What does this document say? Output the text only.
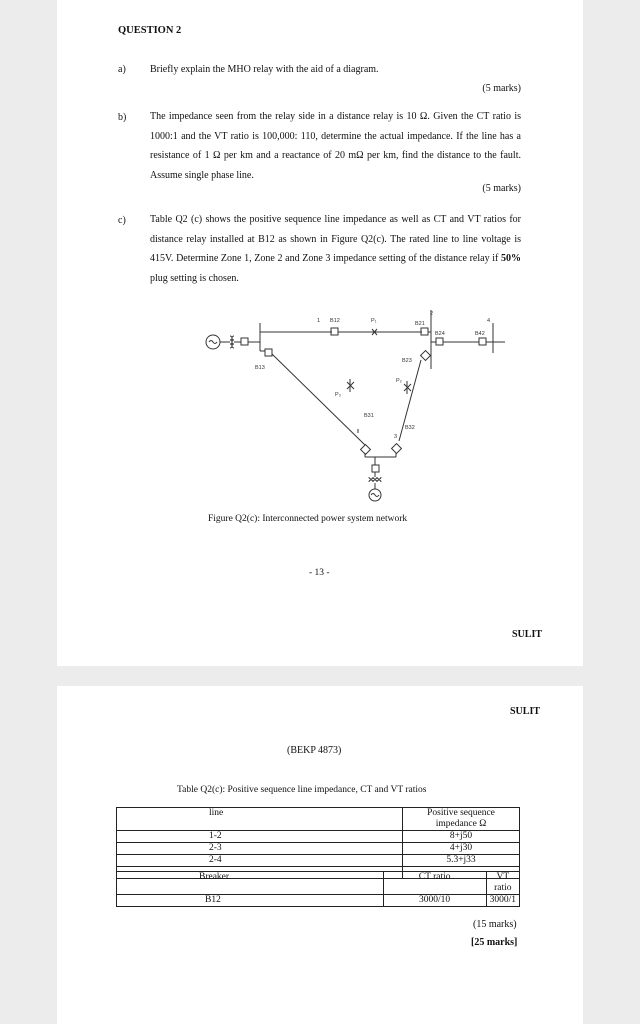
QUESTION 2
a) Briefly explain the MHO relay with the aid of a diagram.
(5 marks)
b) The impedance seen from the relay side in a distance relay is 10 Ω. Given the CT ratio is 1000:1 and the VT ratio is 100,000: 110, determine the actual impedance. If the line has a resistance of 1 Ω per km and a reactance of 20 mΩ per km, find the distance to the fault. Assume single phase line.
(5 marks)
c) Table Q2 (c) shows the positive sequence line impedance as well as CT and VT ratios for distance relay installed at B12 as shown in Figure Q2(c). The rated line to line voltage is 415V. Determine Zone 1, Zone 2 and Zone 3 impedance setting of the distance relay if 50% plug setting is chosen.
1 B12	P₁
2
B21
B24
4
B42
B13
B23
P₂
P₃
B31
B32
3
Figure Q2(c): Interconnected power system network
- 13 -
SULIT
SULIT
(BEKP 4873)
Table Q2(c): Positive sequence line impedance, CT and VT ratios
line	Positive sequence impedance Ω
1-2	8+j50
2-3	4+j30
2-4	5.3+j33

Breaker	CT ratio	VT ratio
B12	3000/10	3000/1
(15 marks)
[25 marks]
